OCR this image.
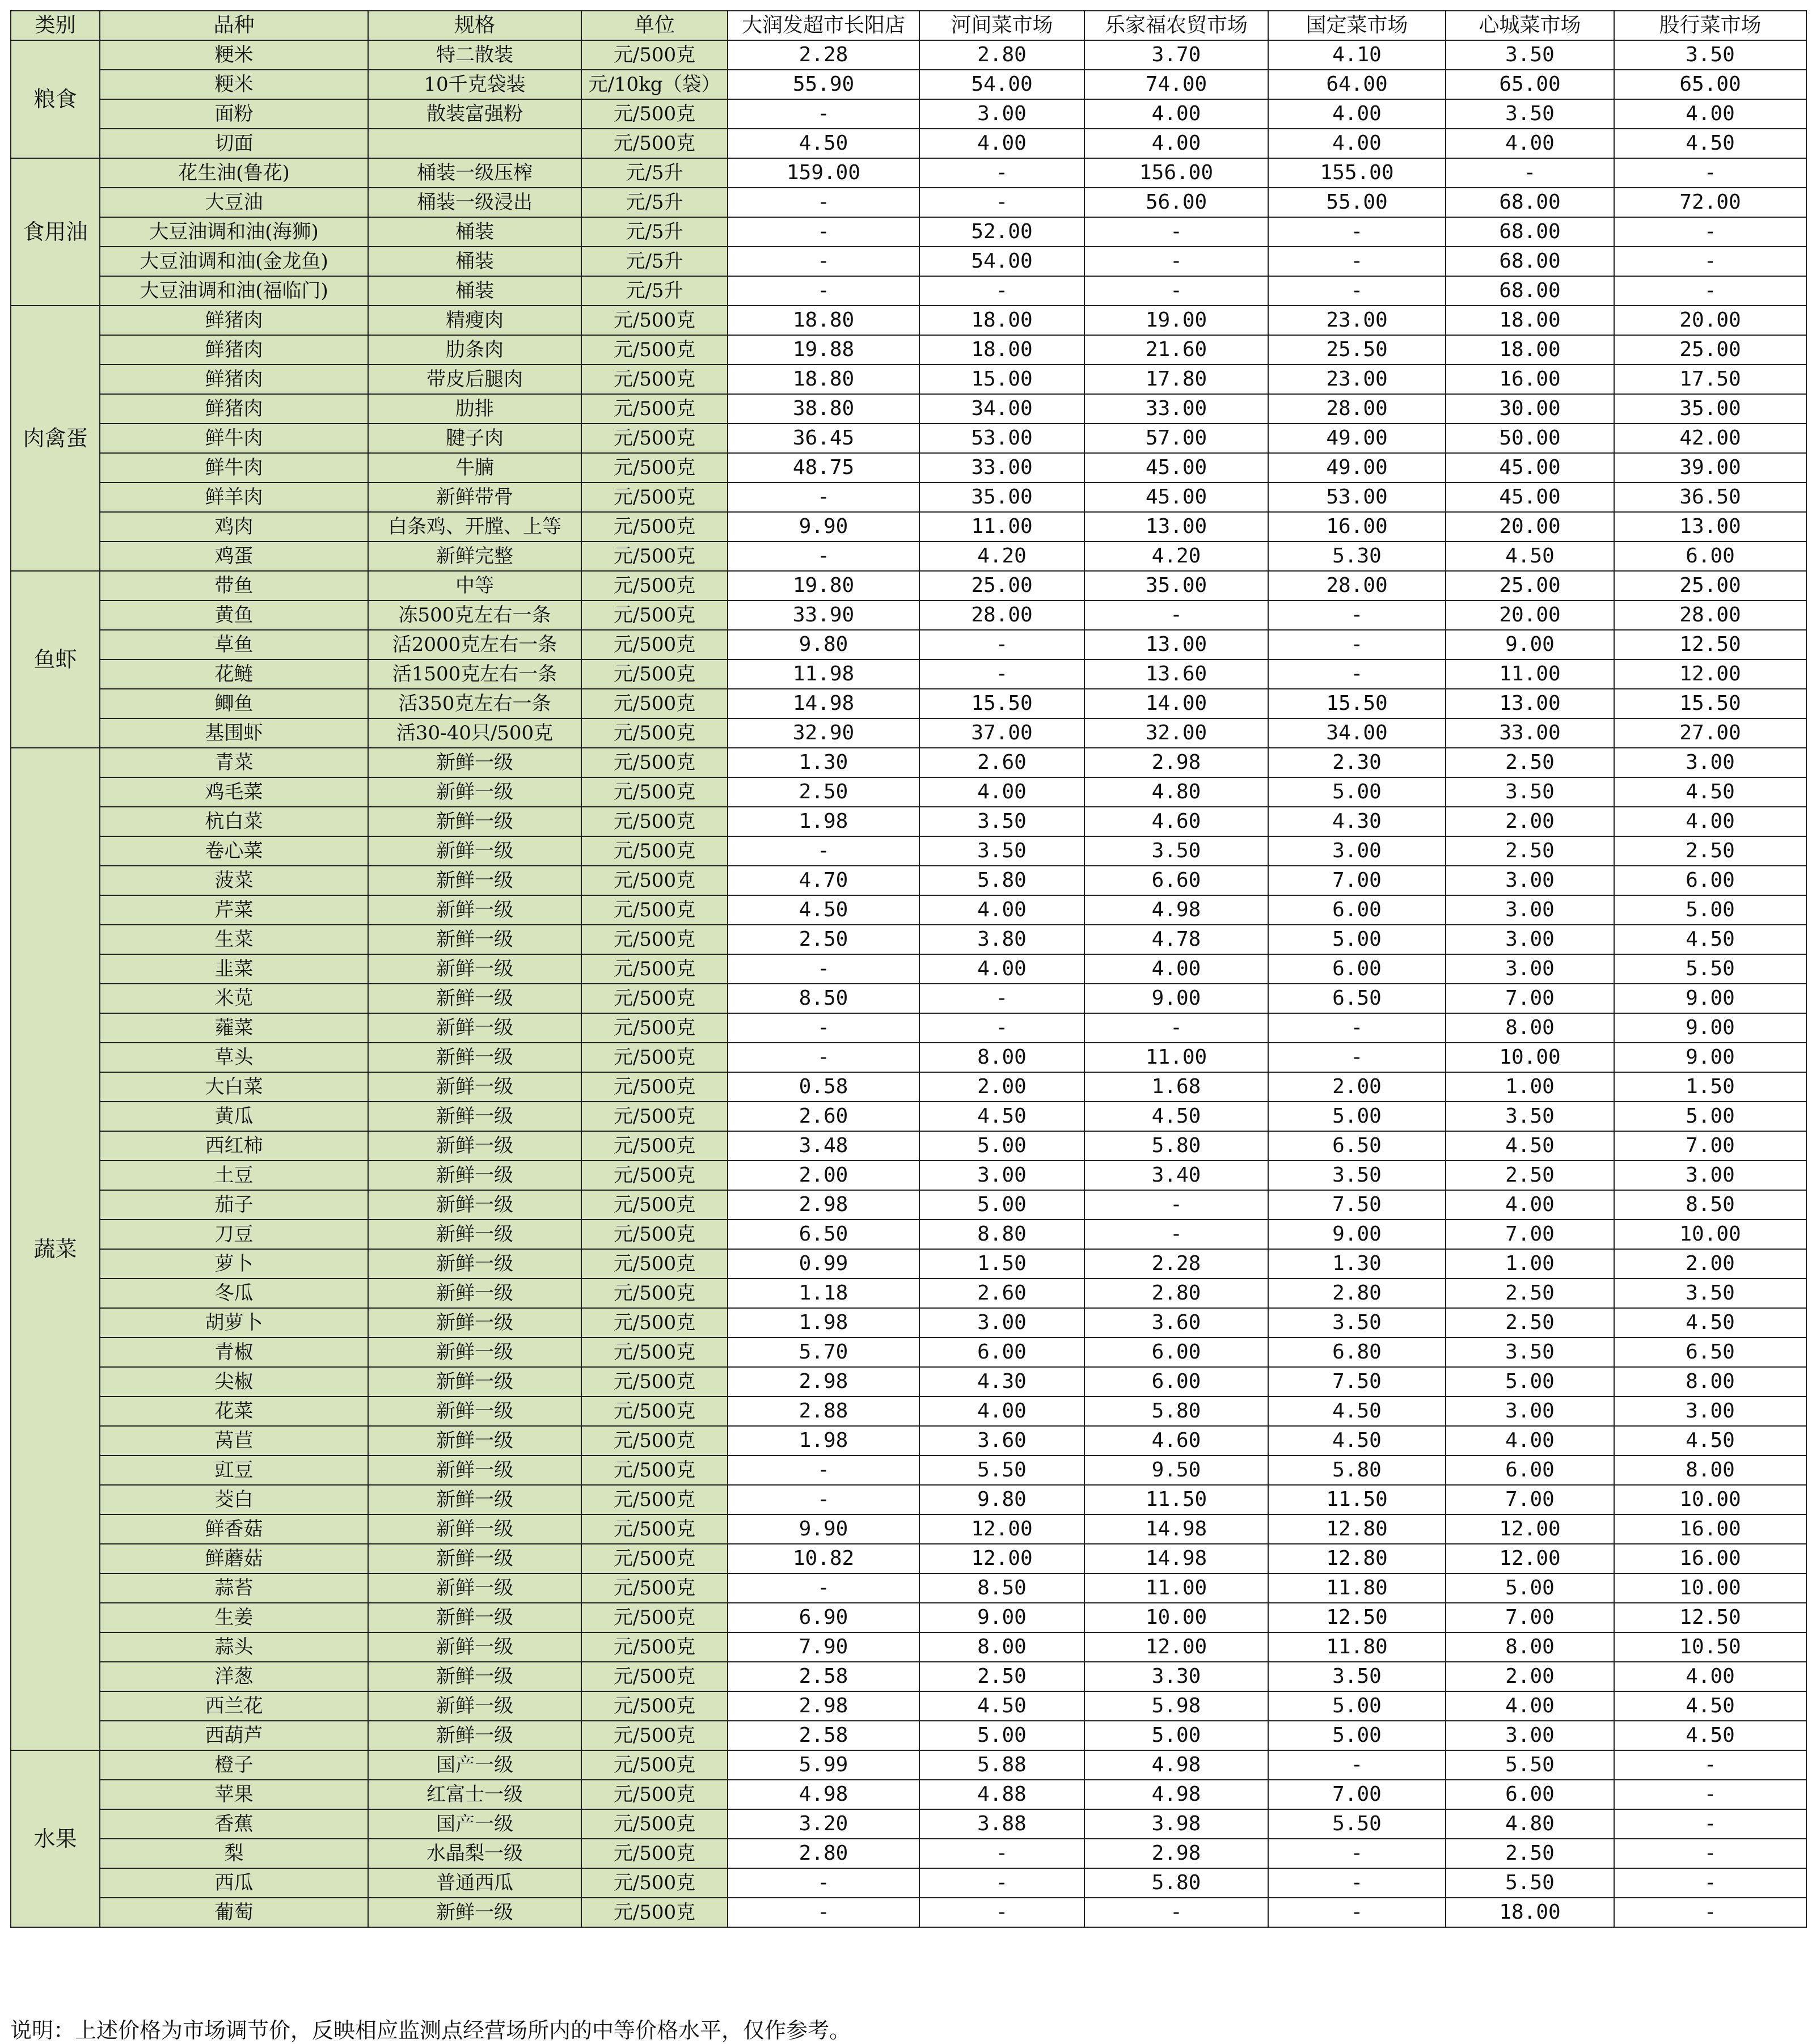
类别	品种	规格	单位	大润发超市长阳店	河间菜市场	乐家福农贸市场	国定菜市场	心城菜市场	股行菜市场
粮食	粳米	特二散装	元/500克	2.28	2.80	3.70	4.10	3.50	3.50
	粳米	10千克袋装	元/10kg（袋）	55.90	54.00	74.00	64.00	65.00	65.00
	面粉	散装富强粉	元/500克	-	3.00	4.00	4.00	3.50	4.00
	切面		元/500克	4.50	4.00	4.00	4.00	4.00	4.50
食用油	花生油(鲁花)	桶装一级压榨	元/5升	159.00	-	156.00	155.00	-	-
	大豆油	桶装一级浸出	元/5升	-	-	56.00	55.00	68.00	72.00
	大豆油调和油(海狮)	桶装	元/5升	-	52.00	-	-	68.00	-
	大豆油调和油(金龙鱼)	桶装	元/5升	-	54.00	-	-	68.00	-
	大豆油调和油(福临门)	桶装	元/5升	-	-	-	-	68.00	-
肉禽蛋	鲜猪肉	精瘦肉	元/500克	18.80	18.00	19.00	23.00	18.00	20.00
	鲜猪肉	肋条肉	元/500克	19.88	18.00	21.60	25.50	18.00	25.00
	鲜猪肉	带皮后腿肉	元/500克	18.80	15.00	17.80	23.00	16.00	17.50
	鲜猪肉	肋排	元/500克	38.80	34.00	33.00	28.00	30.00	35.00
	鲜牛肉	腱子肉	元/500克	36.45	53.00	57.00	49.00	50.00	42.00
	鲜牛肉	牛腩	元/500克	48.75	33.00	45.00	49.00	45.00	39.00
	鲜羊肉	新鲜带骨	元/500克	-	35.00	45.00	53.00	45.00	36.50
	鸡肉	白条鸡、开膛、上等	元/500克	9.90	11.00	13.00	16.00	20.00	13.00
	鸡蛋	新鲜完整	元/500克	-	4.20	4.20	5.30	4.50	6.00
鱼虾	带鱼	中等	元/500克	19.80	25.00	35.00	28.00	25.00	25.00
	黄鱼	冻500克左右一条	元/500克	33.90	28.00	-	-	20.00	28.00
	草鱼	活2000克左右一条	元/500克	9.80	-	13.00	-	9.00	12.50
	花鲢	活1500克左右一条	元/500克	11.98	-	13.60	-	11.00	12.00
	鲫鱼	活350克左右一条	元/500克	14.98	15.50	14.00	15.50	13.00	15.50
	基围虾	活30-40只/500克	元/500克	32.90	37.00	32.00	34.00	33.00	27.00
蔬菜	青菜	新鲜一级	元/500克	1.30	2.60	2.98	2.30	2.50	3.00
	鸡毛菜	新鲜一级	元/500克	2.50	4.00	4.80	5.00	3.50	4.50
	杭白菜	新鲜一级	元/500克	1.98	3.50	4.60	4.30	2.00	4.00
	卷心菜	新鲜一级	元/500克	-	3.50	3.50	3.00	2.50	2.50
	菠菜	新鲜一级	元/500克	4.70	5.80	6.60	7.00	3.00	6.00
	芹菜	新鲜一级	元/500克	4.50	4.00	4.98	6.00	3.00	5.00
	生菜	新鲜一级	元/500克	2.50	3.80	4.78	5.00	3.00	4.50
	韭菜	新鲜一级	元/500克	-	4.00	4.00	6.00	3.00	5.50
	米苋	新鲜一级	元/500克	8.50	-	9.00	6.50	7.00	9.00
	蕹菜	新鲜一级	元/500克	-	-	-	-	8.00	9.00
	草头	新鲜一级	元/500克	-	8.00	11.00	-	10.00	9.00
	大白菜	新鲜一级	元/500克	0.58	2.00	1.68	2.00	1.00	1.50
	黄瓜	新鲜一级	元/500克	2.60	4.50	4.50	5.00	3.50	5.00
	西红柿	新鲜一级	元/500克	3.48	5.00	5.80	6.50	4.50	7.00
	土豆	新鲜一级	元/500克	2.00	3.00	3.40	3.50	2.50	3.00
	茄子	新鲜一级	元/500克	2.98	5.00	-	7.50	4.00	8.50
	刀豆	新鲜一级	元/500克	6.50	8.80	-	9.00	7.00	10.00
	萝卜	新鲜一级	元/500克	0.99	1.50	2.28	1.30	1.00	2.00
	冬瓜	新鲜一级	元/500克	1.18	2.60	2.80	2.80	2.50	3.50
	胡萝卜	新鲜一级	元/500克	1.98	3.00	3.60	3.50	2.50	4.50
	青椒	新鲜一级	元/500克	5.70	6.00	6.00	6.80	3.50	6.50
	尖椒	新鲜一级	元/500克	2.98	4.30	6.00	7.50	5.00	8.00
	花菜	新鲜一级	元/500克	2.88	4.00	5.80	4.50	3.00	3.00
	莴苣	新鲜一级	元/500克	1.98	3.60	4.60	4.50	4.00	4.50
	豇豆	新鲜一级	元/500克	-	5.50	9.50	5.80	6.00	8.00
	茭白	新鲜一级	元/500克	-	9.80	11.50	11.50	7.00	10.00
	鲜香菇	新鲜一级	元/500克	9.90	12.00	14.98	12.80	12.00	16.00
	鲜蘑菇	新鲜一级	元/500克	10.82	12.00	14.98	12.80	12.00	16.00
	蒜苔	新鲜一级	元/500克	-	8.50	11.00	11.80	5.00	10.00
	生姜	新鲜一级	元/500克	6.90	9.00	10.00	12.50	7.00	12.50
	蒜头	新鲜一级	元/500克	7.90	8.00	12.00	11.80	8.00	10.50
	洋葱	新鲜一级	元/500克	2.58	2.50	3.30	3.50	2.00	4.00
	西兰花	新鲜一级	元/500克	2.98	4.50	5.98	5.00	4.00	4.50
	西葫芦	新鲜一级	元/500克	2.58	5.00	5.00	5.00	3.00	4.50
水果	橙子	国产一级	元/500克	5.99	5.88	4.98	-	5.50	-
	苹果	红富士一级	元/500克	4.98	4.88	4.98	7.00	6.00	-
	香蕉	国产一级	元/500克	3.20	3.88	3.98	5.50	4.80	-
	梨	水晶梨一级	元/500克	2.80	-	2.98	-	2.50	-
	西瓜	普通西瓜	元/500克	-	-	5.80	-	5.50	-
	葡萄	新鲜一级	元/500克	-	-	-	-	18.00	-
说明：上述价格为市场调节价，反映相应监测点经营场所内的中等价格水平，仅作参考。
